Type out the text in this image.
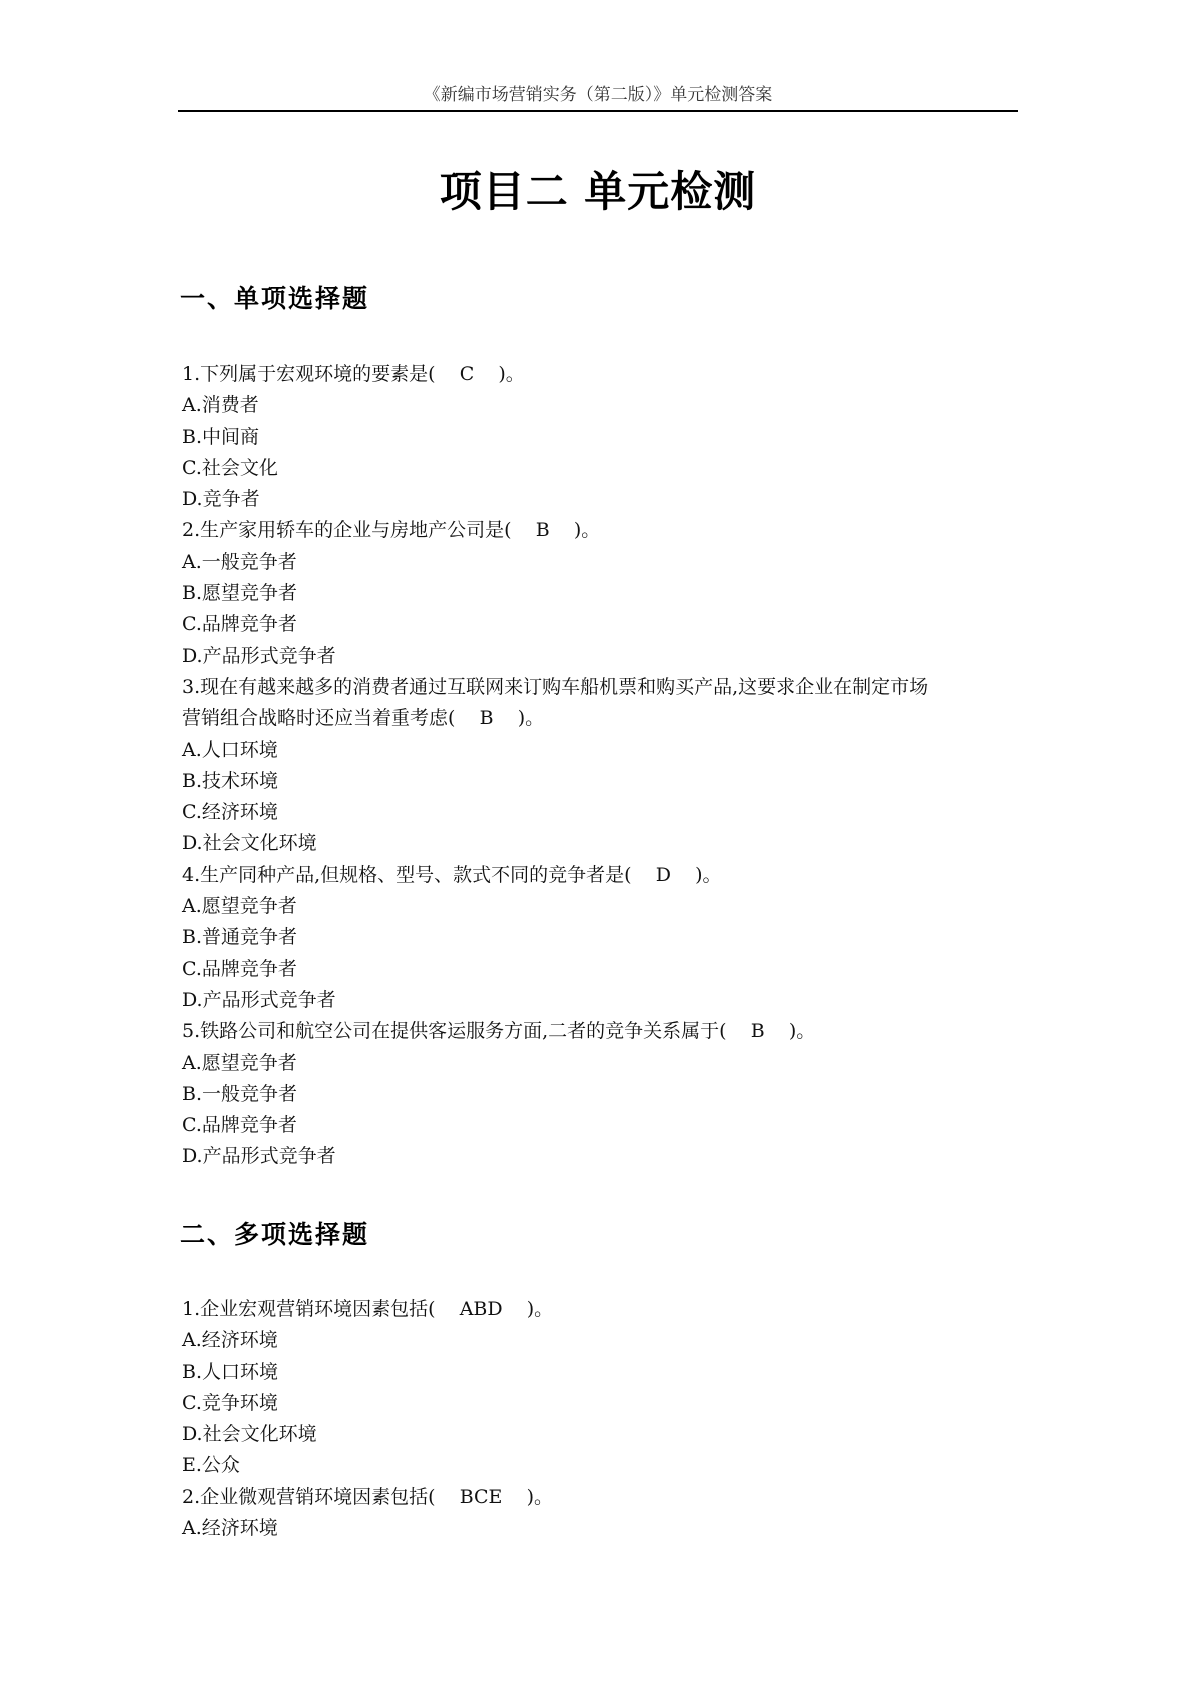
《新编市场营销实务（第二版）》单元检测答案
项目二 单元检测
一、单项选择题
1.下列属于宏观环境的要素是(    C    )。
A.消费者
B.中间商
C.社会文化
D.竞争者
2.生产家用轿车的企业与房地产公司是(    B    )。
A.一般竞争者
B.愿望竞争者
C.品牌竞争者
D.产品形式竞争者
3.现在有越来越多的消费者通过互联网来订购车船机票和购买产品,这要求企业在制定市场
营销组合战略时还应当着重考虑(    B    )。
A.人口环境
B.技术环境
C.经济环境
D.社会文化环境
4.生产同种产品,但规格、型号、款式不同的竞争者是(    D    )。
A.愿望竞争者
B.普通竞争者
C.品牌竞争者
D.产品形式竞争者
5.铁路公司和航空公司在提供客运服务方面,二者的竞争关系属于(    B    )。
A.愿望竞争者
B.一般竞争者
C.品牌竞争者
D.产品形式竞争者
二、多项选择题
1.企业宏观营销环境因素包括(    ABD    )。
A.经济环境
B.人口环境
C.竞争环境
D.社会文化环境
E.公众
2.企业微观营销环境因素包括(    BCE    )。
A.经济环境
